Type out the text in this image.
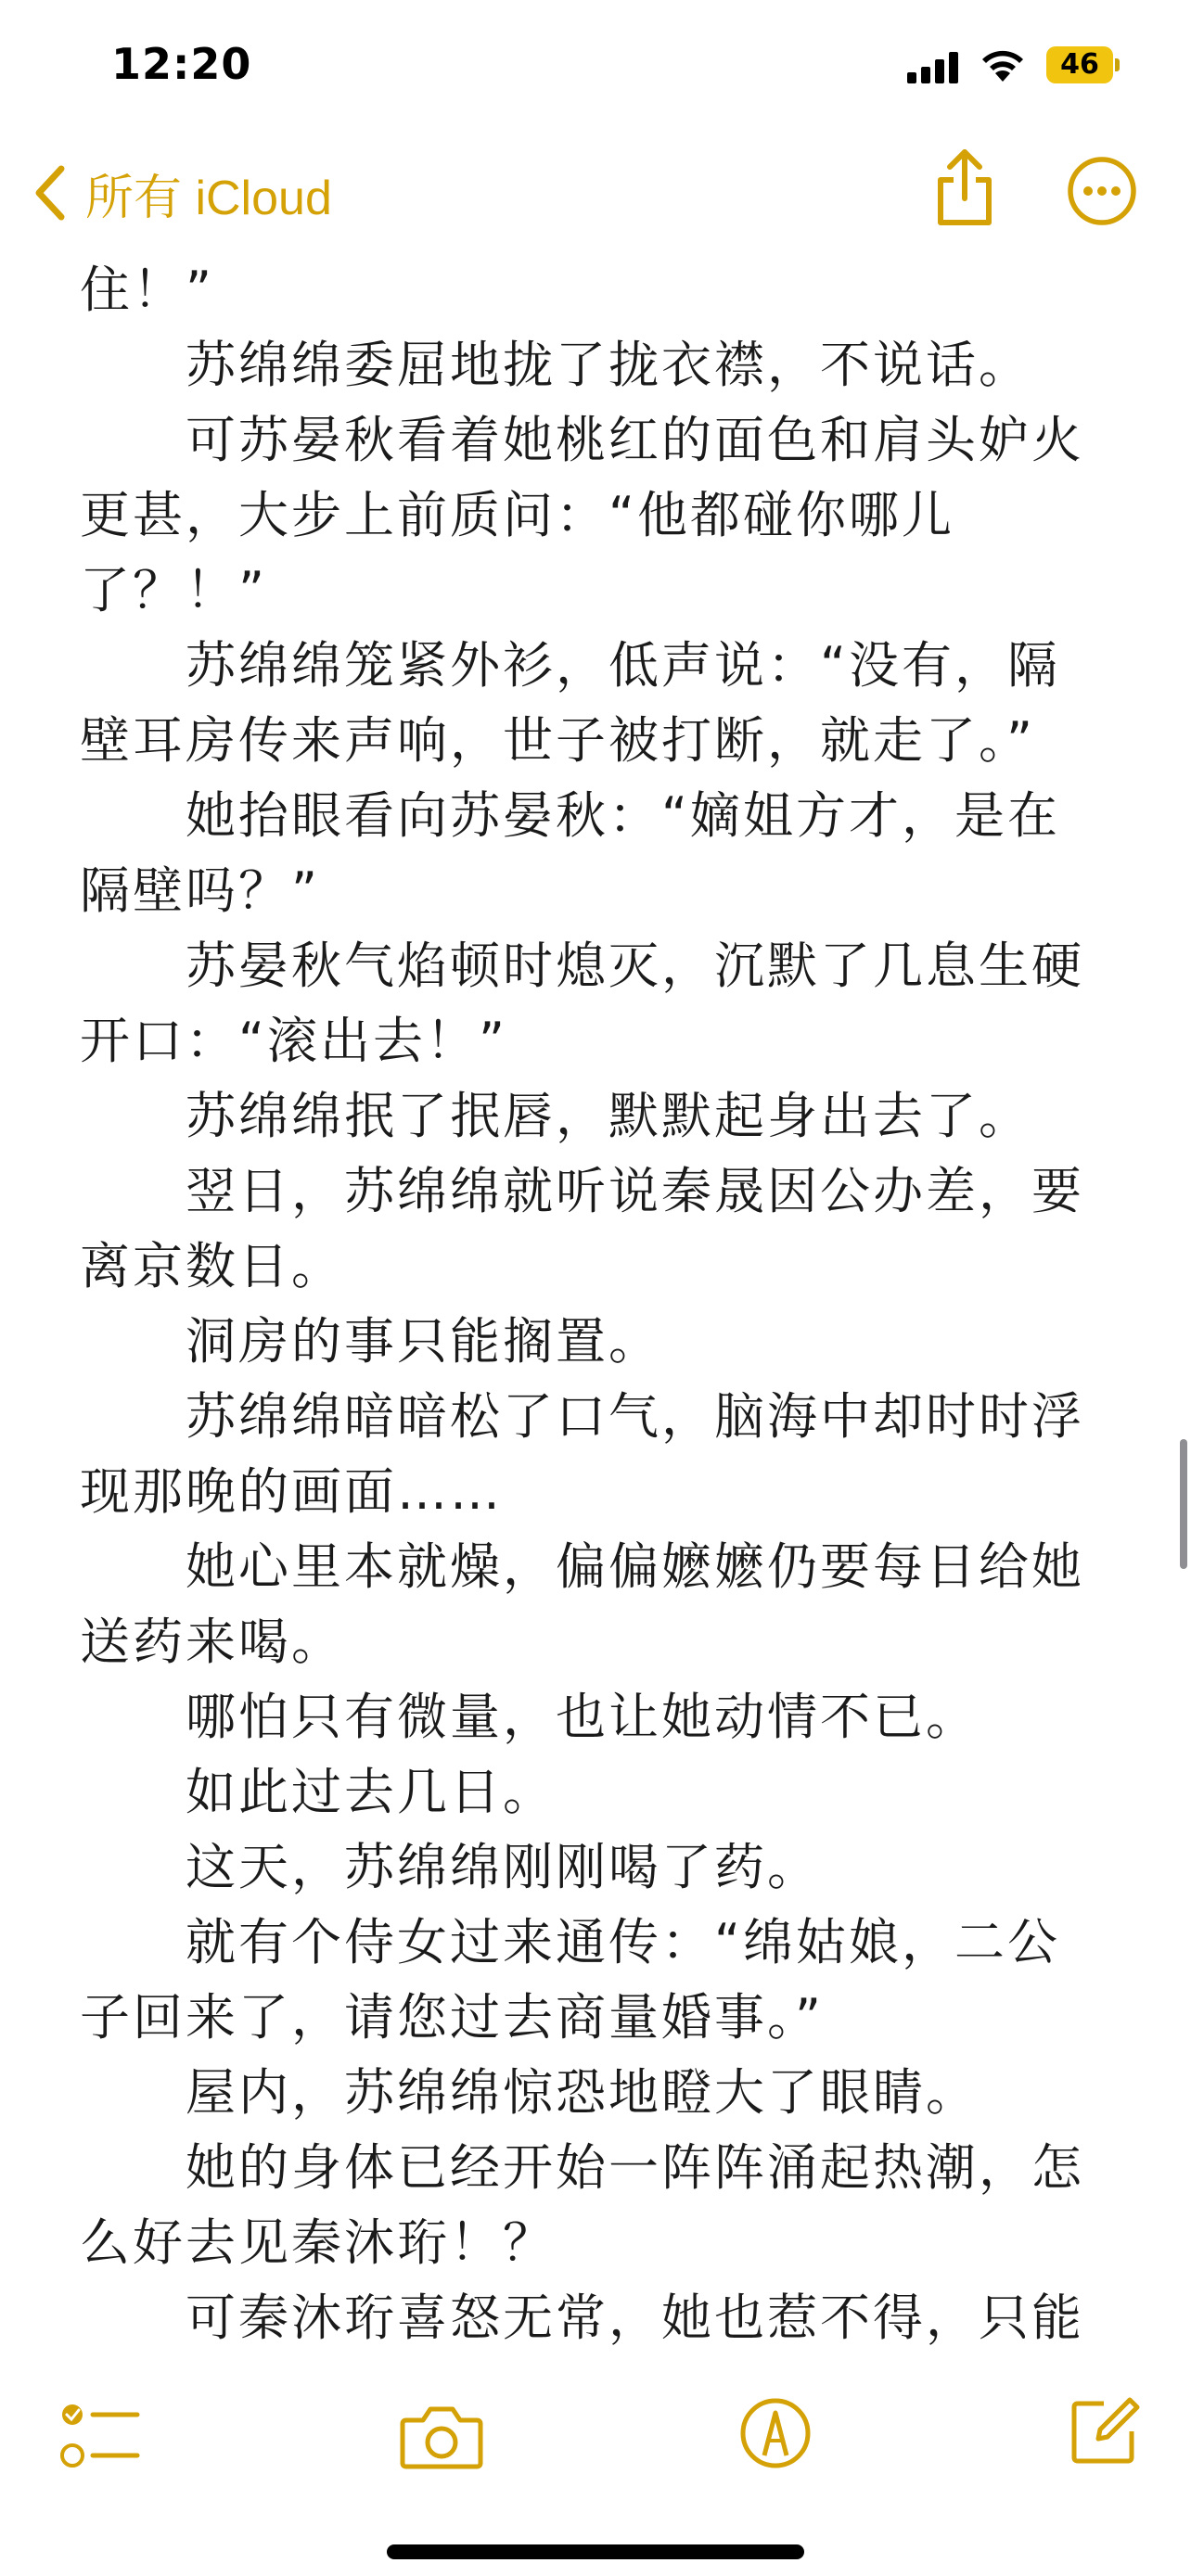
12:20	46
所有 iCloud
住！”
　　苏绵绵委屈地拢了拢衣襟，不说话。
　　可苏晏秋看着她桃红的面色和肩头妒火
更甚，大步上前质问：“他都碰你哪儿
了？！”
　　苏绵绵笼紧外衫，低声说：“没有，隔
壁耳房传来声响，世子被打断，就走了。”
　　她抬眼看向苏晏秋：“嫡姐方才，是在
隔壁吗？”
　　苏晏秋气焰顿时熄灭，沉默了几息生硬
开口：“滚出去！”
　　苏绵绵抿了抿唇，默默起身出去了。
　　翌日，苏绵绵就听说秦晟因公办差，要
离京数日。
　　洞房的事只能搁置。
　　苏绵绵暗暗松了口气，脑海中却时时浮
现那晚的画面……
　　她心里本就燥，偏偏嬷嬷仍要每日给她
送药来喝。
　　哪怕只有微量，也让她动情不已。
　　如此过去几日。
　　这天，苏绵绵刚刚喝了药。
　　就有个侍女过来通传：“绵姑娘，二公
子回来了，请您过去商量婚事。”
　　屋内，苏绵绵惊恐地瞪大了眼睛。
　　她的身体已经开始一阵阵涌起热潮，怎
么好去见秦沐珩！？
　　可秦沐珩喜怒无常，她也惹不得，只能
